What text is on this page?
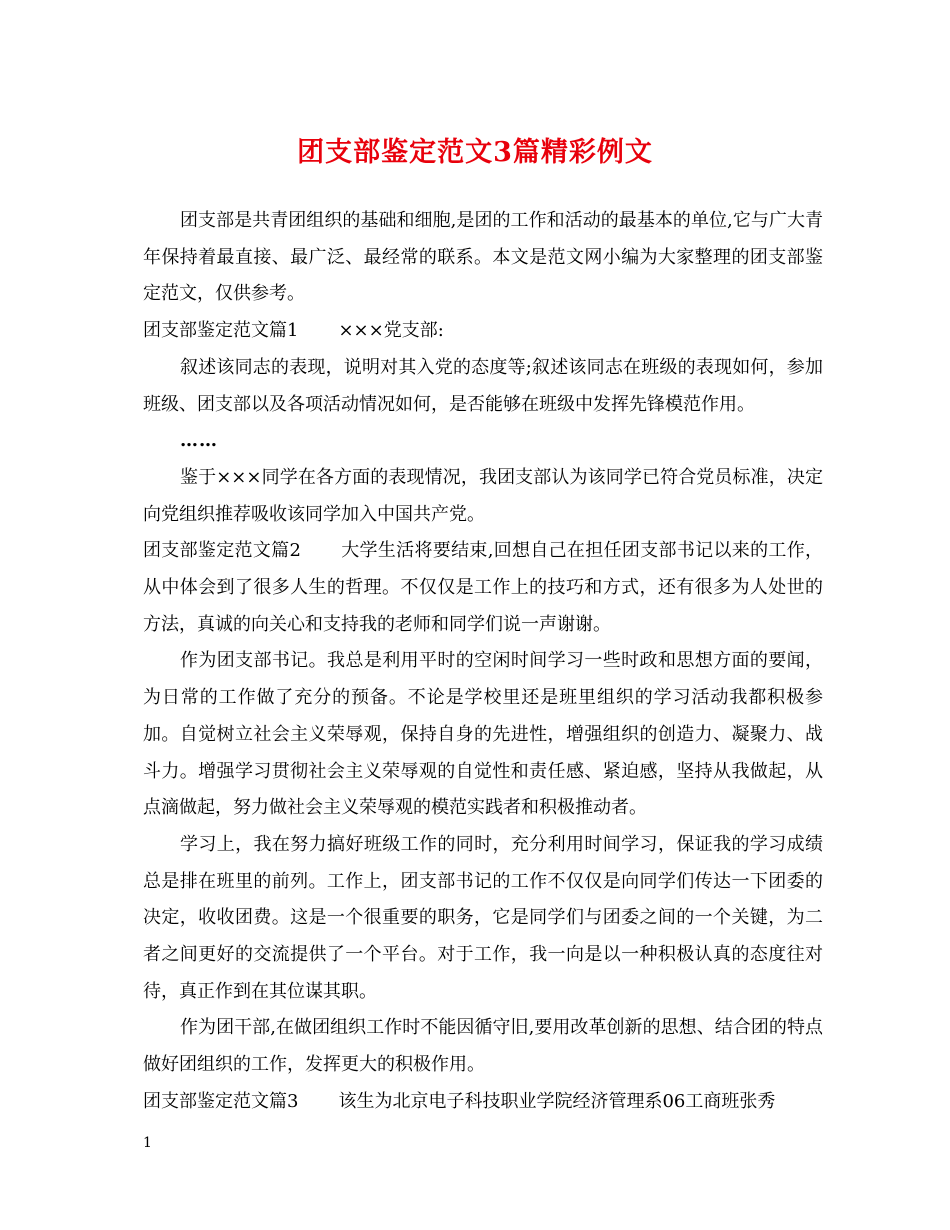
团支部鉴定范文3篇精彩例文

团支部是共青团组织的基础和细胞,是团的工作和活动的最基本的单位,它与广大青年保持着最直接、最广泛、最经常的联系。本文是范文网小编为大家整理的团支部鉴定范文，仅供参考。

团支部鉴定范文篇1 ×××党支部:

叙述该同志的表现，说明对其入党的态度等;叙述该同志在班级的表现如何，参加班级、团支部以及各项活动情况如何，是否能够在班级中发挥先锋模范作用。

……

鉴于×××同学在各方面的表现情况，我团支部认为该同学已符合党员标准，决定向党组织推荐吸收该同学加入中国共产党。

团支部鉴定范文篇2 大学生活将要结束,回想自己在担任团支部书记以来的工作，从中体会到了很多人生的哲理。不仅仅是工作上的技巧和方式，还有很多为人处世的方法，真诚的向关心和支持我的老师和同学们说一声谢谢。

作为团支部书记。我总是利用平时的空闲时间学习一些时政和思想方面的要闻，为日常的工作做了充分的预备。不论是学校里还是班里组织的学习活动我都积极参加。自觉树立社会主义荣辱观，保持自身的先进性，增强组织的创造力、凝聚力、战斗力。增强学习贯彻社会主义荣辱观的自觉性和责任感、紧迫感，坚持从我做起，从点滴做起，努力做社会主义荣辱观的模范实践者和积极推动者。

学习上，我在努力搞好班级工作的同时，充分利用时间学习，保证我的学习成绩总是排在班里的前列。工作上，团支部书记的工作不仅仅是向同学们传达一下团委的决定，收收团费。这是一个很重要的职务，它是同学们与团委之间的一个关键，为二者之间更好的交流提供了一个平台。对于工作，我一向是以一种积极认真的态度往对待，真正作到在其位谋其职。

作为团干部,在做团组织工作时不能因循守旧,要用改革创新的思想、结合团的特点做好团组织的工作，发挥更大的积极作用。

团支部鉴定范文篇3 该生为北京电子科技职业学院经济管理系06工商班张秀

1
